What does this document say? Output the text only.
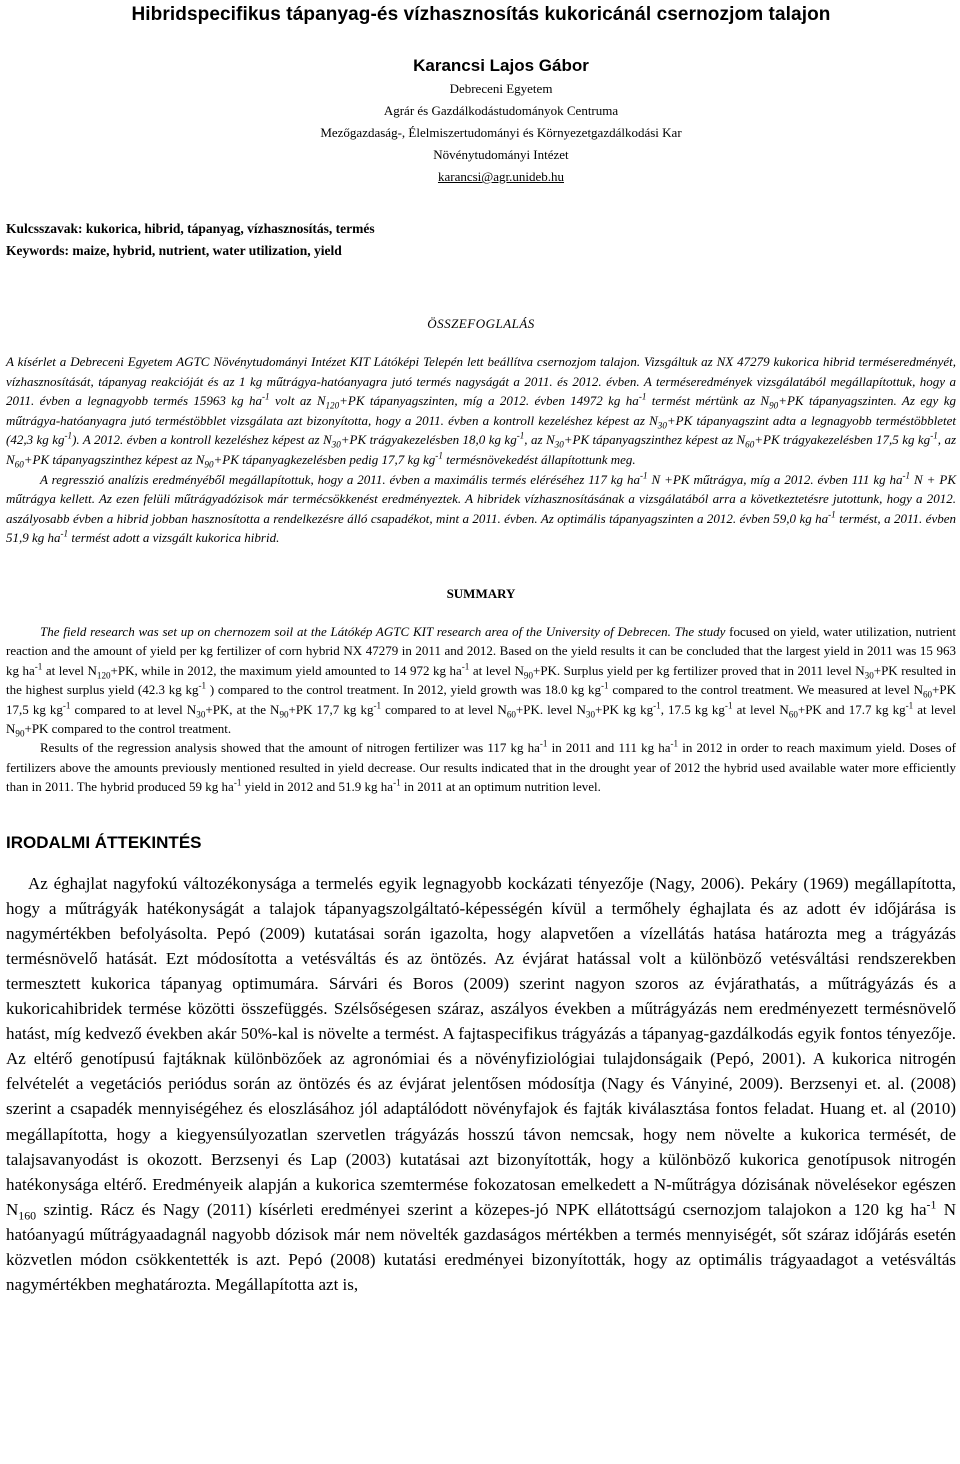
Hibridspecifikus tápanyag-és vízhasznosítás kukoricánál csernozjom talajon
Karancsi Lajos Gábor
Debreceni Egyetem
Agrár és Gazdálkodástudományok Centruma
Mezőgazdaság-, Élelmiszertudományi és Környezetgazdálkodási Kar
Növénytudományi Intézet
karancsi@agr.unideb.hu
Kulcsszavak: kukorica, hibrid, tápanyag, vízhasznosítás, termés
Keywords: maize, hybrid, nutrient, water utilization, yield
ÖSSZEFOGLALÁS

A kísérlet a Debreceni Egyetem AGTC Növénytudományi Intézet KIT Látóképi Telepén lett beállítva csernozjom talajon. Vizsgáltuk az NX 47279 kukorica hibrid terméseredményét, vízhasznosítását, tápanyag reakcióját és az 1 kg műtrágya-hatóanyagra jutó termés nagyságát a 2011. és 2012. évben. A terméseredmények vizsgálatából megállapítottuk, hogy a 2011. évben a legnagyobb termés 15963 kg $ha^{-1}$ volt az $N_{120}+PK$ tápanyagszinten, míg a 2012. évben 14972 kg $ha^{-1}$ termést mértünk az $N_{90}+PK$ tápanyagszinten. Az egy kg műtrágya-hatóanyagra jutó terméstöbblet vizsgálata azt bizonyította, hogy a 2011. évben a kontroll kezeléshez képest az $N_{30}+PK$ tápanyagszint adta a legnagyobb terméstöbbletet (42,3 kg $kg^{-1}$). A 2012. évben a kontroll kezeléshez képest az $N_{30}+PK$ trágyakezelésben 18,0 kg $kg^{-1}$, az $N_{30}+PK$ tápanyagszinthez képest az $N_{60}+PK$ trágyakezelésben 17,5 kg $kg^{-1}$, az $N_{60}+PK$ tápanyagszinthez képest az $N_{90}+PK$ tápanyagkezelésben pedig 17,7 kg $kg^{-1}$ termésnövekedést állapítottunk meg.

A regresszió analízis eredményéből megállapítottuk, hogy a 2011. évben a maximális termés eléréséhez 117 kg $ha^{-1}$ N +PK műtrágya, míg a 2012. évben 111 kg $ha^{-1}$ N + PK műtrágya kellett. Az ezen felüli műtrágyadózisok már termécsökkenést eredményeztek. A hibridek vízhasznosításának a vizsgálatából arra a következtetésre jutottunk, hogy a 2012. aszályosabb évben a hibrid jobban hasznosította a rendelkezésre álló csapadékot, mint a 2011. évben. Az optimális tápanyagszinten a 2012. évben 59,0 kg $ha^{-1}$ termést, a 2011. évben 51,9 kg $ha^{-1}$ termést adott a vizsgált kukorica hibrid.

SUMMARY

The field research was set up on chernozem soil at the Látókép AGTC KIT research area of the University of Debrecen. The study focused on yield, water utilization, nutrient reaction and the amount of yield per kg fertilizer of corn hybrid NX 47279 in 2011 and 2012. Based on the yield results it can be concluded that the largest yield in 2011 was 15 963 kg $ha^{-1}$ at level $N_{120}+PK$, while in 2012, the maximum yield amounted to 14 972 kg $ha^{-1}$ at level $N_{90}+PK$. Surplus yield per kg fertilizer proved that in 2011 level $N_{30}+PK$ resulted in the highest surplus yield (42.3 kg $kg^{-1}$ ) compared to the control treatment. In 2012, yield growth was 18.0 kg $kg^{-1}$ compared to the control treatment. We measured at level $N_{60}+PK$ 17,5 kg $kg^{-1}$ compared to at level $N_{30}+PK$, at the $N_{90}+PK$ 17,7 kg $kg^{-1}$ compared to at level $N_{60}+PK$. level $N_{30}+PK$ kg $kg^{-1}$, 17.5 kg $kg^{-1}$ at level $N_{60}+PK$ and 17.7 kg $kg^{-1}$ at level $N_{90}+PK$ compared to the control treatment.

Results of the regression analysis showed that the amount of nitrogen fertilizer was 117 kg $ha^{-1}$ in 2011 and 111 kg $ha^{-1}$ in 2012 in order to reach maximum yield. Doses of fertilizers above the amounts previously mentioned resulted in yield decrease. Our results indicated that in the drought year of 2012 the hybrid used available water more efficiently than in 2011. The hybrid produced 59 kg $ha^{-1}$ yield in 2012 and 51.9 kg $ha^{-1}$ in 2011 at an optimum nutrition level.

IRODALMI ÁTTEKINTÉS

Az éghajlat nagyfokú változékonysága a termelés egyik legnagyobb kockázati tényezője (Nagy, 2006). Pekáry (1969) megállapította, hogy a műtrágyák hatékonyságát a talajok tápanyagszolgáltató-képességén kívül a termőhely éghajlata és az adott év időjárása is nagymértékben befolyásolta. Pepó (2009) kutatásai során igazolta, hogy alapvetően a vízellátás hatása határozta meg a trágyázás termésnövelő hatását. Ezt módosította a vetésváltás és az öntözés. Az évjárat hatással volt a különböző vetésváltási rendszerekben termesztett kukorica tápanyag optimumára. Sárvári és Boros (2009) szerint nagyon szoros az évjárathatás, a műtrágyázás és a kukoricahibridek termése közötti összefüggés. Szélsőségesen száraz, aszályos években a műtrágyázás nem eredményezett termésnövelő hatást, míg kedvező években akár 50%-kal is növelte a termést. A fajtaspecifikus trágyázás a tápanyag-gazdálkodás egyik fontos tényezője. Az eltérő genotípusú fajtáknak különbözőek az agronómiai és a növényfiziológiai tulajdonságaik (Pepó, 2001). A kukorica nitrogén felvételét a vegetációs periódus során az öntözés és az évjárat jelentősen módosítja (Nagy és Ványiné, 2009). Berzsenyi et. al. (2008) szerint a csapadék mennyiségéhez és eloszlásához jól adaptálódott növényfajok és fajták kiválasztása fontos feladat. Huang et. al (2010) megállapította, hogy a kiegyensúlyozatlan szervetlen trágyázás hosszú távon nemcsak, hogy nem növelte a kukorica termését, de talajsavanyodást is okozott. Berzsenyi és Lap (2003) kutatásai azt bizonyították, hogy a különböző kukorica genotípusok nitrogén hatékonysága eltérő. Eredményeik alapján a kukorica szemtermése fokozatosan emelkedett a N-műtrágya dózisának növelésekor egészen $N_{160}$ szintig. Rácz és Nagy (2011) kísérleti eredményei szerint a közepes-jó NPK ellátottságú csernozjom talajokon a 120 kg $ha^{-1}$ N hatóanyagú műtrágyaadagnál nagyobb dózisok már nem növelték gazdaságos mértékben a termés mennyiségét, sőt száraz időjárás esetén közvetlen módon csökkentették is azt. Pepó (2008) kutatási eredményei bizonyították, hogy az optimális trágyaadagot a vetésváltás nagymértékben meghatározta. Megállapította azt is,
